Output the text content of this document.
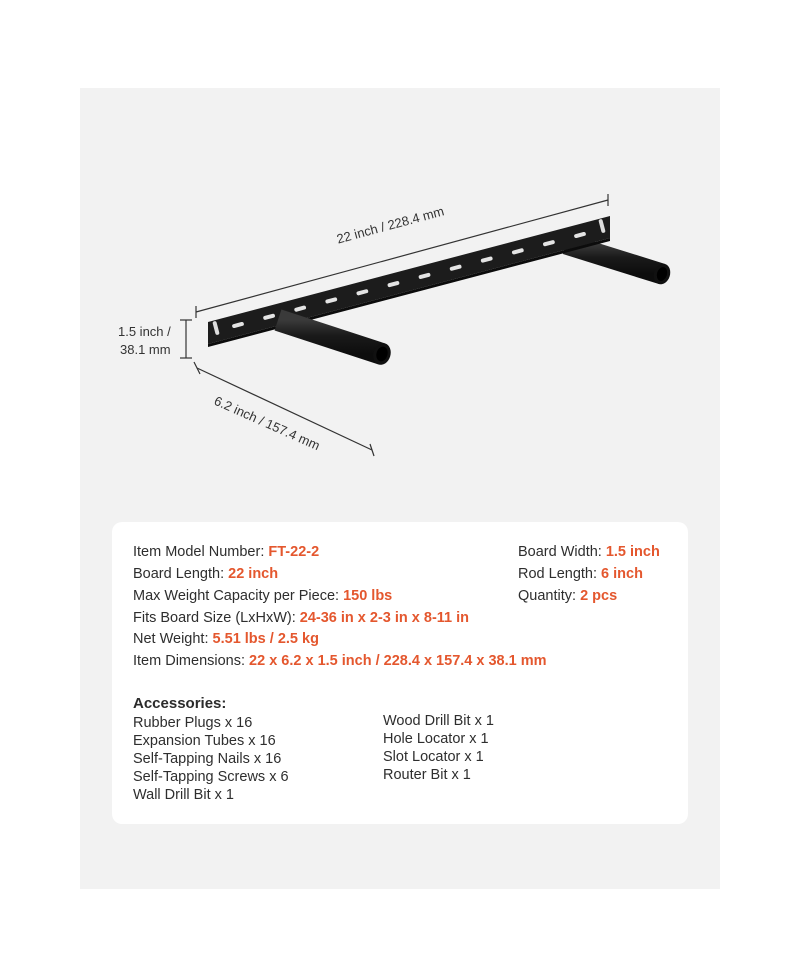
22 inch / 228.4 mm
1.5 inch /
38.1 mm
6.2 inch / 157.4 mm
Item Model Number: FT-22-2
Board Length: 22 inch
Max Weight Capacity per Piece: 150 lbs
Fits Board Size (LxHxW): 24-36 in x 2-3 in x 8-11 in
Net Weight: 5.51 lbs / 2.5 kg
Item Dimensions: 22 x 6.2 x 1.5 inch / 228.4 x 157.4 x 38.1 mm
Board Width: 1.5 inch
Rod Length: 6 inch
Quantity: 2 pcs
Accessories:
Rubber Plugs x 16
Expansion Tubes x 16
Self-Tapping Nails x 16
Self-Tapping Screws x 6
Wall Drill Bit x 1
Wood Drill Bit x 1
Hole Locator x 1
Slot Locator x 1
Router Bit x 1
